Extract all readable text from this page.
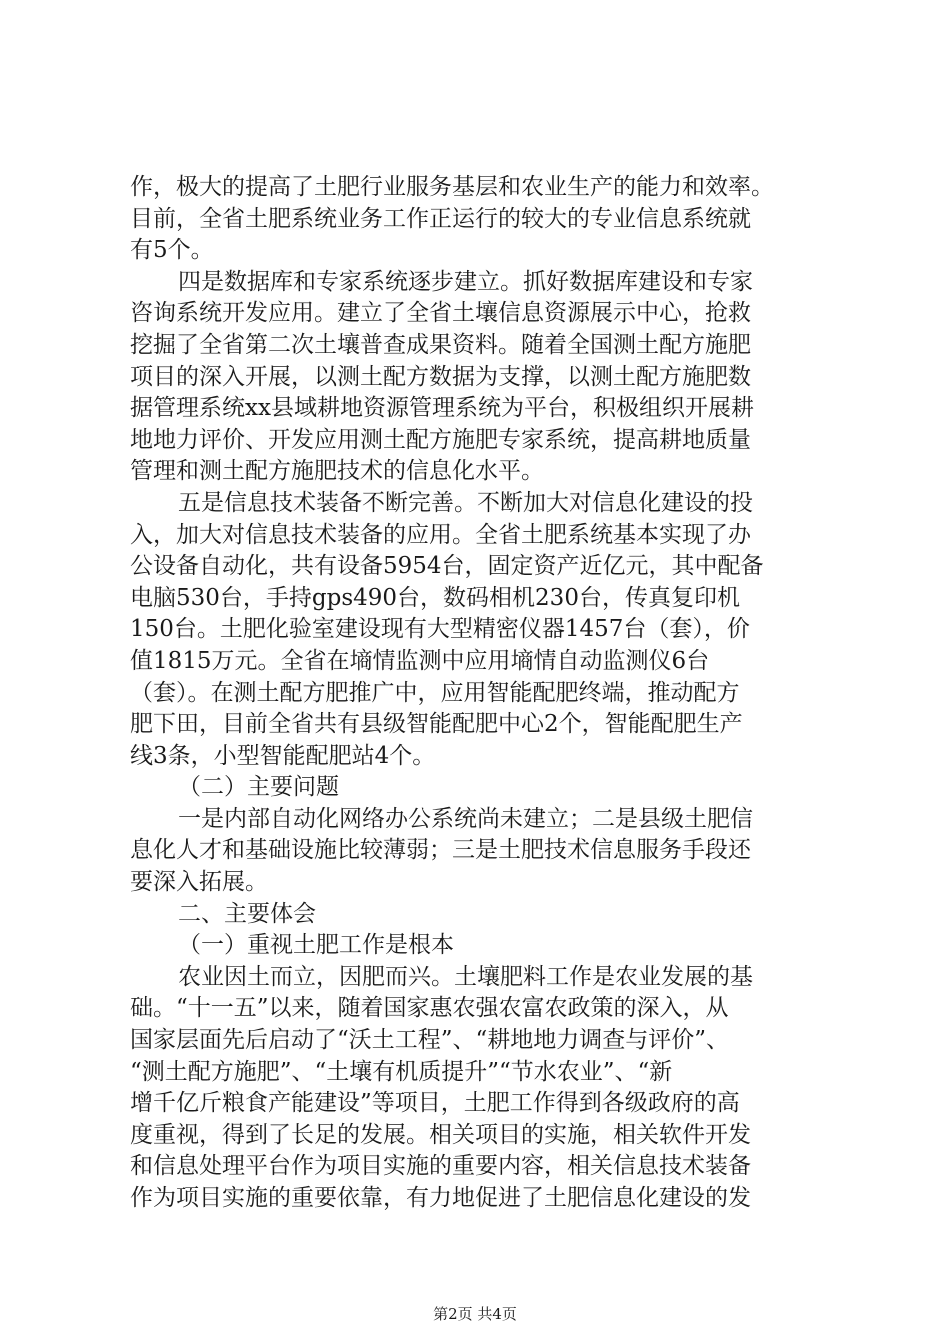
作，极大的提高了土肥行业服务基层和农业生产的能力和效率。
目前，全省土肥系统业务工作正运行的较大的专业信息系统就
有5个。
四是数据库和专家系统逐步建立。抓好数据库建设和专家
咨询系统开发应用。建立了全省土壤信息资源展示中心，抢救
挖掘了全省第二次土壤普查成果资料。随着全国测土配方施肥
项目的深入开展，以测土配方数据为支撑，以测土配方施肥数
据管理系统xx县域耕地资源管理系统为平台，积极组织开展耕
地地力评价、开发应用测土配方施肥专家系统，提高耕地质量
管理和测土配方施肥技术的信息化水平。
五是信息技术装备不断完善。不断加大对信息化建设的投
入，加大对信息技术装备的应用。全省土肥系统基本实现了办
公设备自动化，共有设备5954台，固定资产近亿元，其中配备
电脑530台，手持gps490台，数码相机230台，传真复印机
150台。土肥化验室建设现有大型精密仪器1457台（套），价
值1815万元。全省在墒情监测中应用墒情自动监测仪6台
（套）。在测土配方肥推广中，应用智能配肥终端，推动配方
肥下田，目前全省共有县级智能配肥中心2个，智能配肥生产
线3条，小型智能配肥站4个。
（二）主要问题
一是内部自动化网络办公系统尚未建立；二是县级土肥信
息化人才和基础设施比较薄弱；三是土肥技术信息服务手段还
要深入拓展。
二、主要体会
（一）重视土肥工作是根本
农业因土而立，因肥而兴。土壤肥料工作是农业发展的基
础。“十一五”以来，随着国家惠农强农富农政策的深入，从
国家层面先后启动了“沃土工程”、“耕地地力调查与评价”、
“测土配方施肥”、“土壤有机质提升”“节水农业”、“新
增千亿斤粮食产能建设”等项目，土肥工作得到各级政府的高
度重视，得到了长足的发展。相关项目的实施，相关软件开发
和信息处理平台作为项目实施的重要内容，相关信息技术装备
作为项目实施的重要依靠，有力地促进了土肥信息化建设的发
第2页 共4页
